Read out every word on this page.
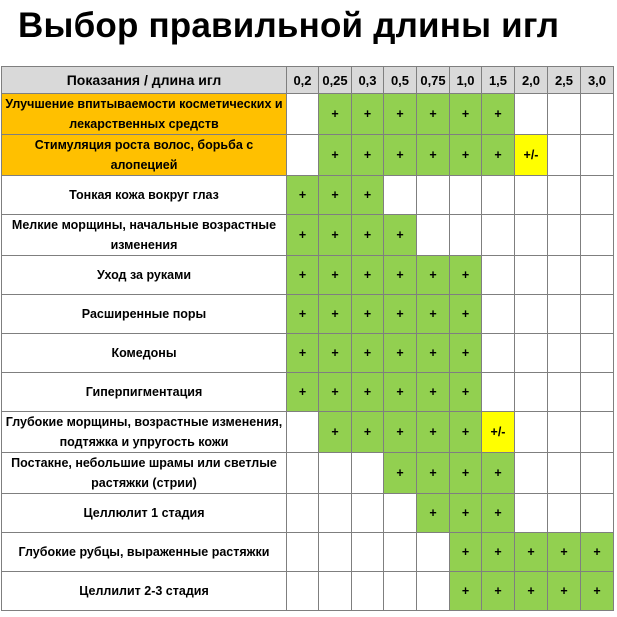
Выбор правильной длины игл
Показания / длина игл	0,2	0,25	0,3	0,5	0,75	1,0	1,5	2,0	2,5	3,0
Улучшение впитываемости косметических и лекарственных средств		+	+	+	+	+	+			
Стимуляция роста волос, борьба с алопецией		+	+	+	+	+	+	+/-		
Тонкая кожа вокруг глаз	+	+	+							
Мелкие морщины, начальные возрастные изменения	+	+	+	+						
Уход за руками	+	+	+	+	+	+				
Расширенные поры	+	+	+	+	+	+				
Комедоны	+	+	+	+	+	+				
Гиперпигментация	+	+	+	+	+	+				
Глубокие морщины, возрастные изменения, подтяжка и упругость кожи		+	+	+	+	+	+/-			
Постакне, небольшие шрамы или светлые растяжки (стрии)				+	+	+	+			
Целлюлит 1 стадия					+	+	+			
Глубокие рубцы, выраженные растяжки						+	+	+	+	+
Целлилит 2-3 стадия						+	+	+	+	+
